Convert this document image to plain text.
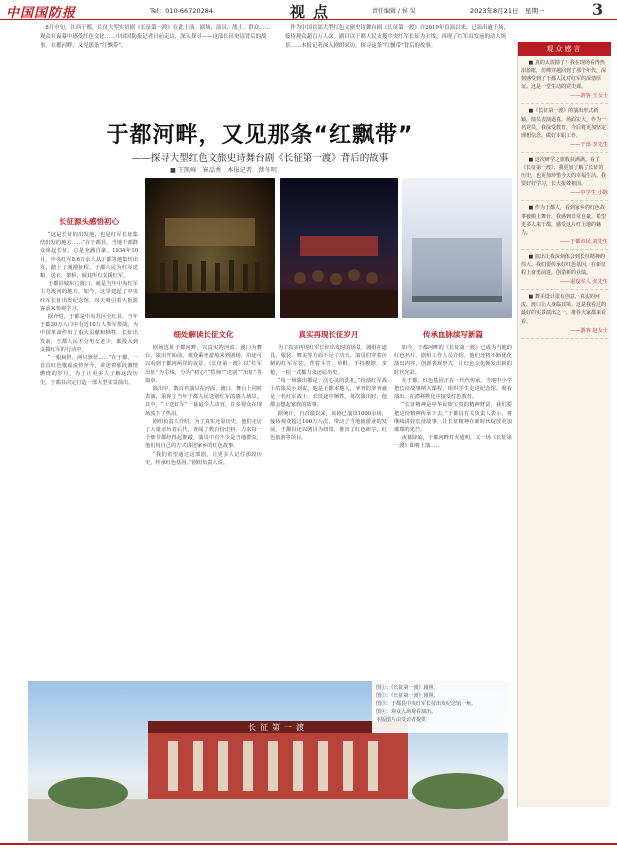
中国国防报	Tel：010-66720284	视点	责任编辑 / 侯 炅	2023年8月21日　星期一	3
8月中旬，江西于都，长征大型实景剧《长征第一渡》在此上演。剧场、演员、战士、群众……观众在夜幕中感受红色文化……中国国防报记者日前走访，深入探寻——这部长征史诗背后的故事，在都河畔，又见那条“红飘带”。
作为中国首部大型红色文旅史诗舞台剧《长征第一渡》自2019年首演以来，已演出逾千场，接待观众超百万人次。剧目以于都人民支援中央红军长征为主线，再现了红军出发前的动人场景……本报记者深入剧组采访，探寻这条“红飘带”背后的故事。	观众感言
■ 真的太震撼了！我在现场看得热泪盈眶，仿佛穿越回到了那个年代，深刻感受到了于都人民对红军的深情厚谊。这是一堂生动的党史课。
——游客 王女士
■《长征第一渡》的演出形式新颖，演员表演逼真，场面宏大。作为一名党员，我深受教育，今后将更加坚定理想信念，做好本职工作。
——干部 李先生
■ 这次研学之旅收获满满。看了《长征第一渡》，我更加了解了长征的历史，也更加珍惜今天的幸福生活。我要好好学习，长大报效祖国。
——中学生 小陈
■ 作为于都人，看到家乡的红色故事被搬上舞台，我感到非常自豪。希望更多人来于都，感受这片红土地的魅力。
——于都市民 刘先生
■ 演出让我深刻体会到长征精神的伟大。我们要传承好红色基因，在新征程上奋勇前进，创造新的业绩。
——退役军人 张先生
■ 舞美设计很有创意，真实的河流、渡口让人身临其境。这是我看过的最好的实景演出之一，推荐大家都来看看。
——游客 赵女士
于都河畔，又见那条“红飘带”
——探寻大型红色文旅史诗舞台剧《长征第一渡》背后的故事
■ 王凯峰　崔品秀　本报记者　蔡冬明
长征源头感悟初心
“这是长征的出发地，也是红军长征集结出发的地方……”在于都县，当地干部群众谈起长征，总是充满自豪。1934年10月，中央红军8.6万余人从于都等地集结出发，踏上了漫漫征程。于都人民为红军送粮、送衣、架桥，倾其所有支援红军。
于都县城东门渡口，就是当年中央红军主力渡河的地方。如今，这里建起了中央红军长征出发纪念馆，每天吸引着大批游客前来参观学习。
据介绍，于都是中央苏区全红县，当年于都30万人口中有近10万人参军参战，为中国革命作出了重大贡献和牺牲。长征出发前，于都人民不分男女老少，都投入到支援红军的行动中。
“一根扁担，两只箩筐……”在于都，一首首红色歌谣流传至今，讲述着那段激情燃烧的岁月。为了让更多人了解这段历史，于都县决定打造一部大型实景演出。
细处解读长征文化
剧场选址于都河畔，以真实的河流、渡口为舞台。演出开始前，观众乘坐游船来到剧场，沿途可以看到于都河两岸的夜景。《长征第一渡》以“红军出征”为主线，分为“初心”“誓师”“送别”“出征”等篇章。
演出中，数百名演员在河面、渡口、舞台上同时表演，重现了当年于都人民送别红军的感人场景。其中，“十送红军”一幕最令人动容，许多观众在现场流下了热泪。
剧组负责人介绍，为了真实还原历史，他们走访了大量亲历者后代，查阅了数百份史料，力求每一个细节都经得起推敲。演员中有不少是当地群众，他们用自己的方式讲述家乡的红色故事。
“我们希望通过这部剧，让更多人记住那段历史，传承红色基因。”剧组负责人说。
真实再现长征岁月
为了真实再现红军长征出发时的场景，剧组在道具、服装、舞美等方面下足了功夫。演员们穿着仿制的红军军装，背着斗笠、草鞋，手持梭镖、步枪，一招一式都力求还原历史。
“每一场演出都是一次心灵的洗礼。”扮演红军战士的演员小刘说。他是于都本地人，爷爷的爷爷就是一名红军战士，长征途中牺牲。每次演出时，他都会想起家族的故事。
据统计，自首演以来，该剧已演出1000余场，接待观众超过100万人次，带动了当地旅游业的发展。于都县还以剧目为纽带，推出了红色研学、红色旅游等项目。
传承血脉续写新篇
如今，于都河畔的《长征第一渡》已成为当地的红色名片。剧组工作人员介绍，他们还将不断优化演出内容，创新表现形式，让红色文化焕发出新的时代光彩。
在于都，红色基因正在一代代传承。当地中小学把长征故事纳入课程，组织学生走进纪念馆、观看演出，在潜移默化中接受红色教育。
“长征精神是中华民族宝贵的精神财富，我们要把这份精神传承下去。”于都县有关负责人表示，将继续讲好长征故事，让长征精神在新时代绽放更加璀璨的光芒。
夜幕降临，于都河畔灯火通明。又一场《长征第一渡》即将上演……
长征第一渡
图①：《长征第一渡》剧照。
图②：《长征第一渡》剧照。
图③：于都县中央红军长征出发纪念馆一角。
图④：观众入场观看演出。
本版图片由受访者提供
